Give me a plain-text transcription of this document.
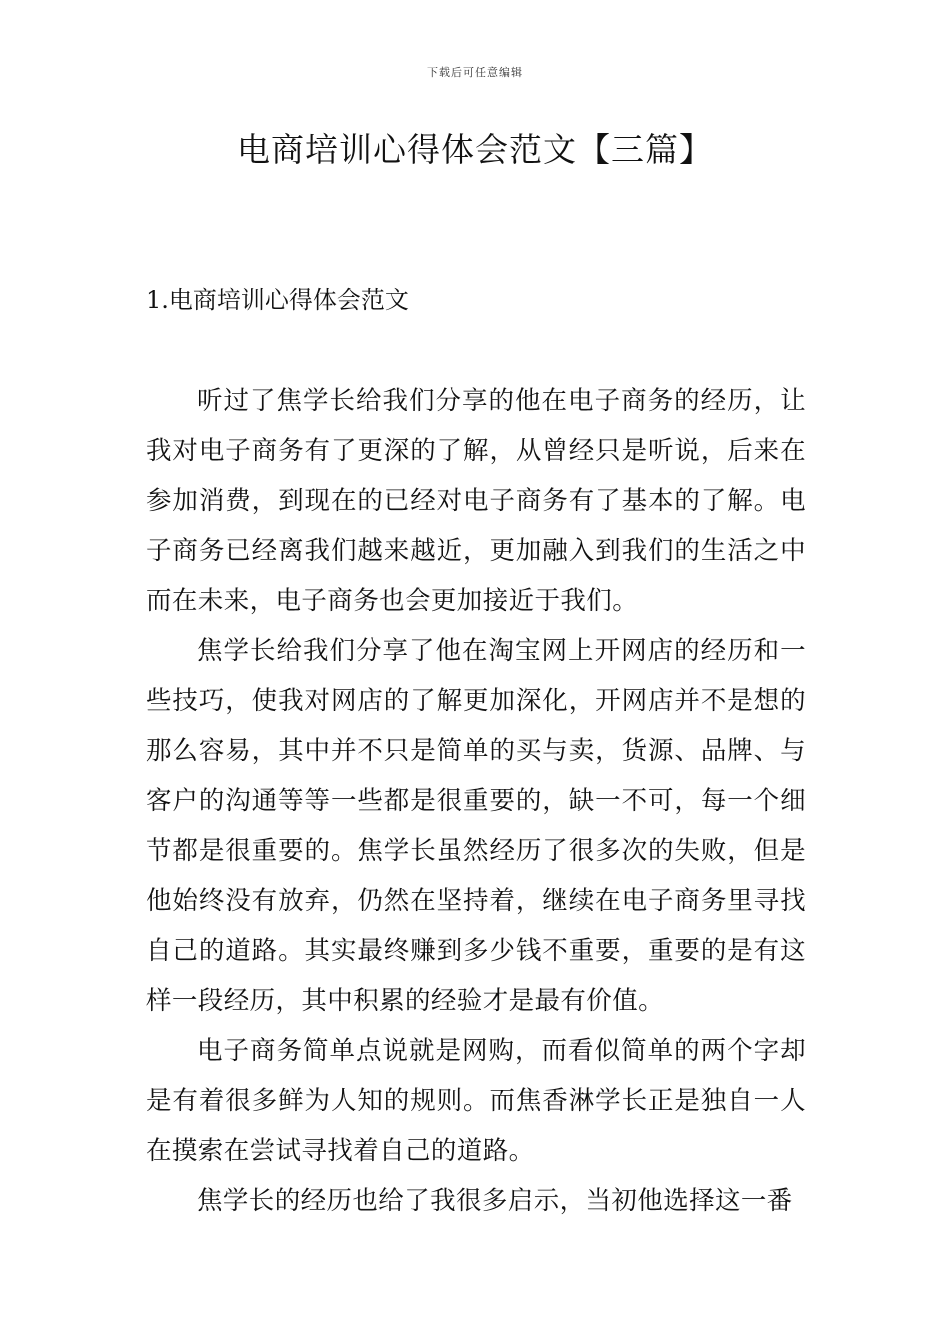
下载后可任意编辑
电商培训心得体会范文【三篇】
1.电商培训心得体会范文

听过了焦学长给我们分享的他在电子商务的经历，让我对电子商务有了更深的了解，从曾经只是听说，后来在参加消费，到现在的已经对电子商务有了基本的了解。电子商务已经离我们越来越近，更加融入到我们的生活之中而在未来，电子商务也会更加接近于我们。

焦学长给我们分享了他在淘宝网上开网店的经历和一些技巧，使我对网店的了解更加深化，开网店并不是想的那么容易，其中并不只是简单的买与卖，货源、品牌、与客户的沟通等等一些都是很重要的，缺一不可，每一个细节都是很重要的。焦学长虽然经历了很多次的失败，但是他始终没有放弃，仍然在坚持着，继续在电子商务里寻找自己的道路。其实最终赚到多少钱不重要，重要的是有这样一段经历，其中积累的经验才是最有价值。

电子商务简单点说就是网购，而看似简单的两个字却是有着很多鲜为人知的规则。而焦香淋学长正是独自一人在摸索在尝试寻找着自己的道路。

焦学长的经历也给了我很多启示，当初他选择这一番
